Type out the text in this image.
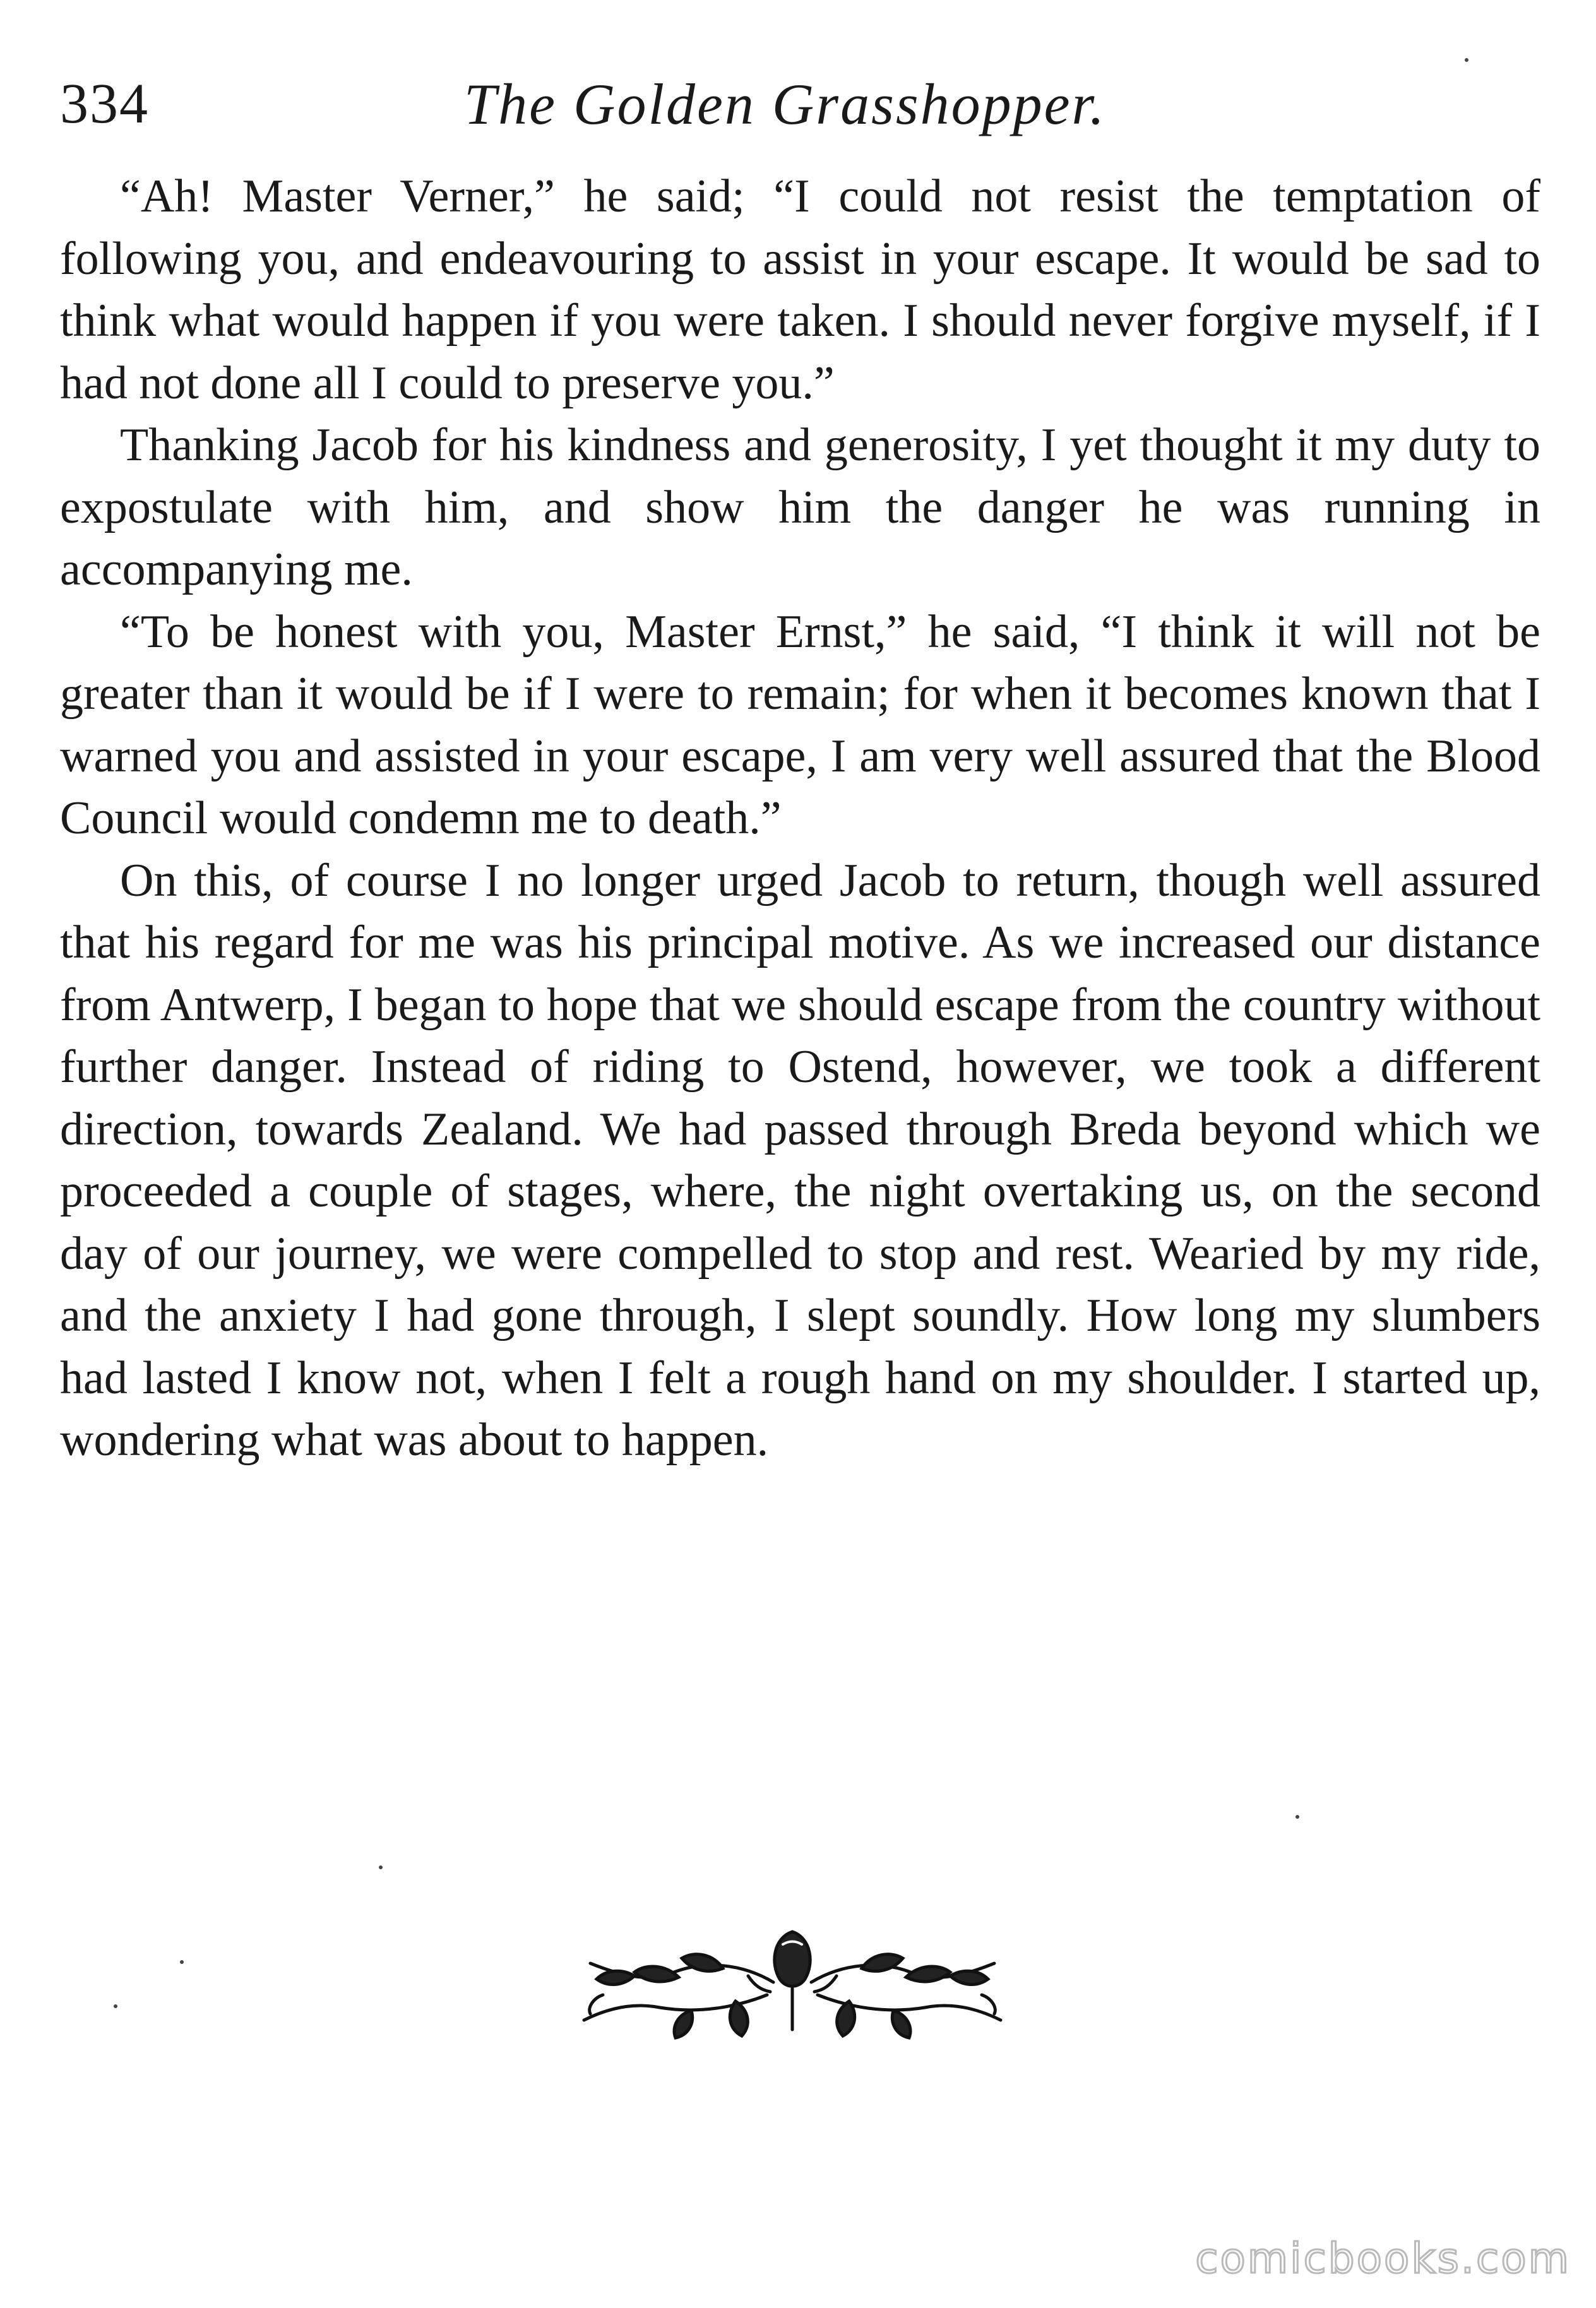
334	The Golden Grasshopper.

“Ah! Master Verner,” he said; “I could not resist the temptation of following you, and endeavouring to assist in your escape. It would be sad to think what would happen if you were taken. I should never forgive myself, if I had not done all I could to preserve you.”

Thanking Jacob for his kindness and generosity, I yet thought it my duty to expostulate with him, and show him the danger he was running in accompanying me.

“To be honest with you, Master Ernst,” he said, “I think it will not be greater than it would be if I were to remain; for when it becomes known that I warned you and assisted in your escape, I am very well assured that the Blood Council would condemn me to death.”

On this, of course I no longer urged Jacob to return, though well assured that his regard for me was his principal motive. As we increased our distance from Antwerp, I began to hope that we should escape from the country without further danger. Instead of riding to Ostend, however, we took a different direction, towards Zealand. We had passed through Breda beyond which we proceeded a couple of stages, where, the night overtaking us, on the second day of our journey, we were compelled to stop and rest. Wearied by my ride, and the anxiety I had gone through, I slept soundly. How long my slumbers had lasted I know not, when I felt a rough hand on my shoulder. I started up, wondering what was about to happen.

comicbooks.com
